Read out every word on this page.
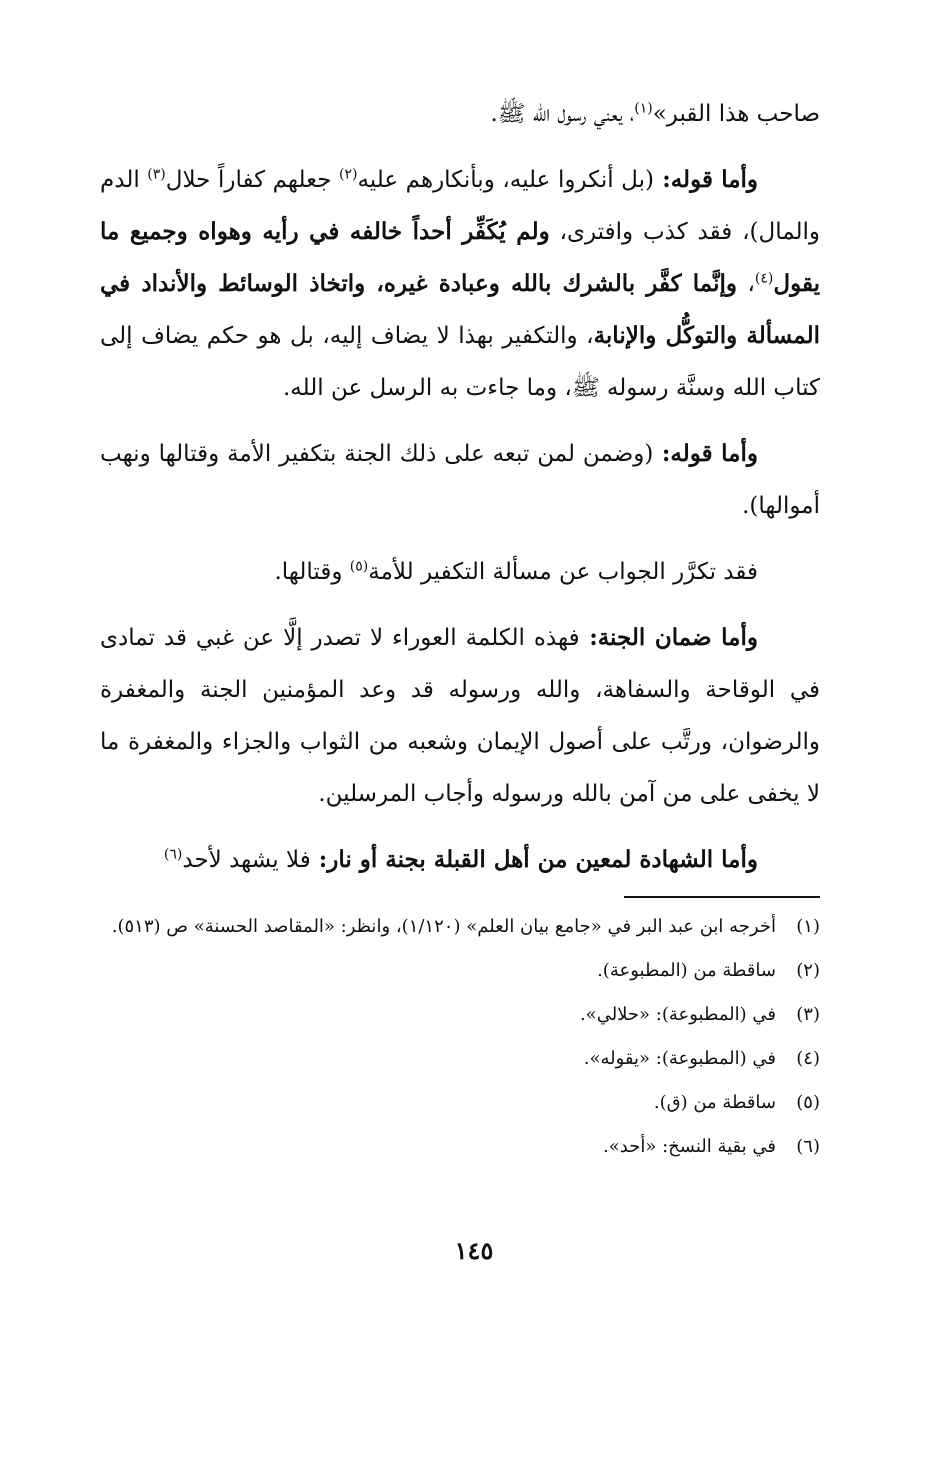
صاحب هذا القبر»$^{(١)}$، يعني رسول الله ﷺ.

وأما قوله: (بل أنكروا عليه، وبأنكارهم عليه$^{(٢)}$ جعلهم كفاراً حلال$^{(٣)}$ الدم والمال)، فقد كذب وافترى، ولم يُكَفِّر أحداً خالفه في رأيه وهواه وجميع ما يقول$^{(٤)}$، وإنَّما كفَّر بالشرك بالله وعبادة غيره، واتخاذ الوسائط والأنداد في المسألة والتوكُّل والإنابة، والتكفير بهذا لا يضاف إليه، بل هو حكم يضاف إلى كتاب الله وسنَّة رسوله ﷺ، وما جاءت به الرسل عن الله.

وأما قوله: (وضمن لمن تبعه على ذلك الجنة بتكفير الأمة وقتالها ونهب أموالها).

فقد تكرَّر الجواب عن مسألة التكفير للأمة$^{(٥)}$ وقتالها.

وأما ضمان الجنة: فهذه الكلمة العوراء لا تصدر إلَّا عن غبي قد تمادى في الوقاحة والسفاهة، والله ورسوله قد وعد المؤمنين الجنة والمغفرة والرضوان، ورتَّب على أصول الإيمان وشعبه من الثواب والجزاء والمغفرة ما لا يخفى على من آمن بالله ورسوله وأجاب المرسلين.

وأما الشهادة لمعين من أهل القبلة بجنة أو نار: فلا يشهد لأحد$^{(٦)}$

(١)
أخرجه ابن عبد البر في «جامع بيان العلم» (١/١٢٠)، وانظر: «المقاصد الحسنة» ص (٥١٣).
(٢)
ساقطة من (المطبوعة).
(٣)
في (المطبوعة): «حلالي».
(٤)
في (المطبوعة): «يقوله».
(٥)
ساقطة من (ق).
(٦)
في بقية النسخ: «أحد».
١٤٥
